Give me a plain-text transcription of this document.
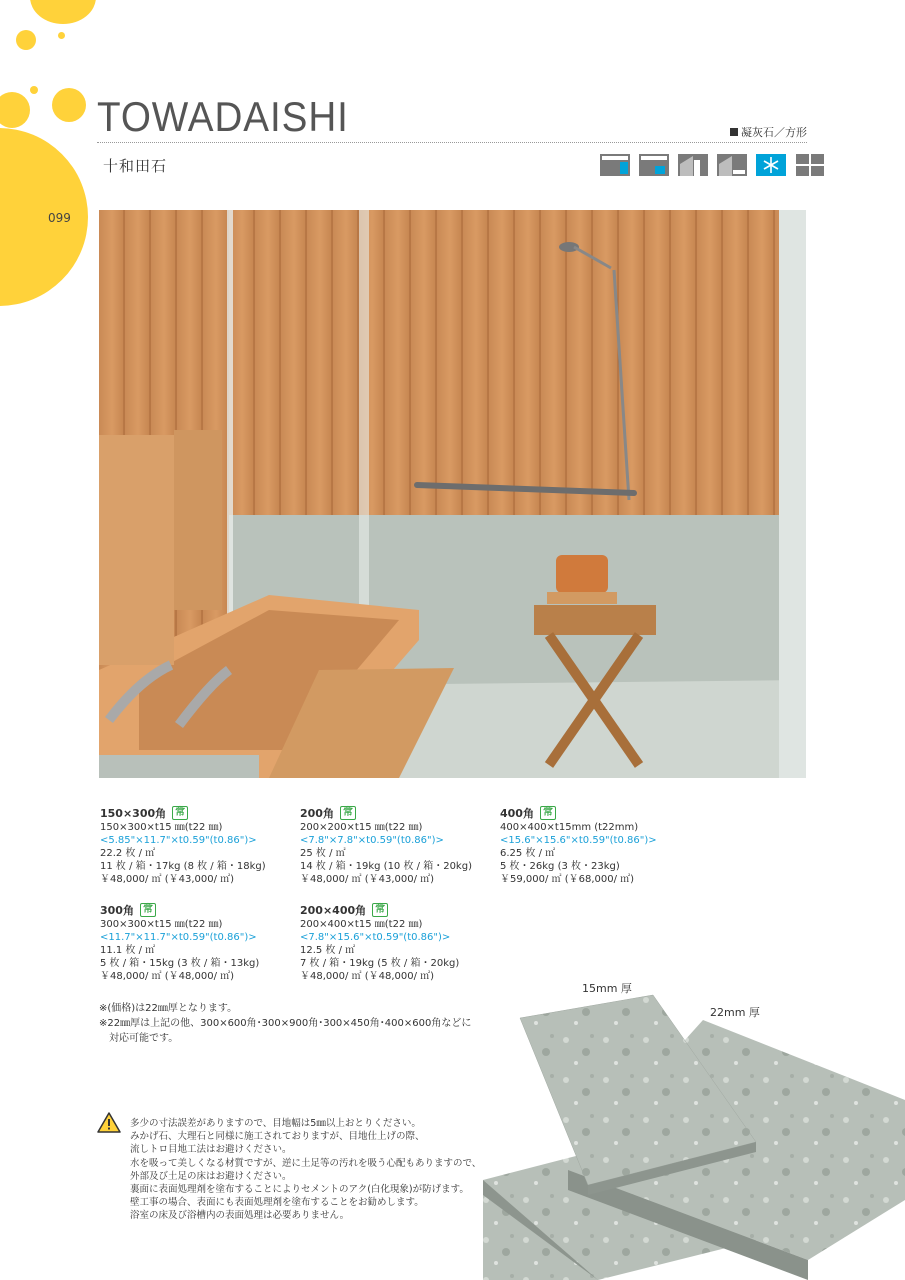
099
TOWADAISHI	凝灰石／方形
十和田石
150×300角 常
150×300×t15 ㎜(t22 ㎜)
<5.85"×11.7"×t0.59"(t0.86")>
22.2 枚 / ㎡
11 枚 / 箱・17kg (8 枚 / 箱・18kg)
￥48,000/ ㎡ (￥43,000/ ㎡)
200角 常
200×200×t15 ㎜(t22 ㎜)
<7.8"×7.8"×t0.59"(t0.86")>
25 枚 / ㎡
14 枚 / 箱・19kg (10 枚 / 箱・20kg)
￥48,000/ ㎡ (￥43,000/ ㎡)
400角 常
400×400×t15mm (t22mm)
<15.6"×15.6"×t0.59"(t0.86")>
6.25 枚 / ㎡
5 枚・26kg (3 枚・23kg)
￥59,000/ ㎡ (￥68,000/ ㎡)
300角 常
300×300×t15 ㎜(t22 ㎜)
<11.7"×11.7"×t0.59"(t0.86")>
11.1 枚 / ㎡
5 枚 / 箱・15kg (3 枚 / 箱・13kg)
￥48,000/ ㎡ (￥48,000/ ㎡)
200×400角 常
200×400×t15 ㎜(t22 ㎜)
<7.8"×15.6"×t0.59"(t0.86")>
12.5 枚 / ㎡
7 枚 / 箱・19kg (5 枚 / 箱・20kg)
￥48,000/ ㎡ (￥48,000/ ㎡)
※(価格)は22㎜厚となります。
※22㎜厚は上記の他、300×600角･300×900角･300×450角･400×600角などに
対応可能です。
15mm 厚
22mm 厚
多少の寸法誤差がありますので、目地幅は5㎜以上おとりください。
みかげ石、大理石と同様に施工されておりますが、目地仕上げの際、
流しトロ目地工法はお避けください。
水を吸って美しくなる材質ですが、逆に土足等の汚れを吸う心配もありますので、
外部及び土足の床はお避けください。
裏面に表面処理剤を塗布することによりセメントのアク(白化現象)が防げます。
壁工事の場合、表面にも表面処理剤を塗布することをお勧めします。
浴室の床及び浴槽内の表面処理は必要ありません。
